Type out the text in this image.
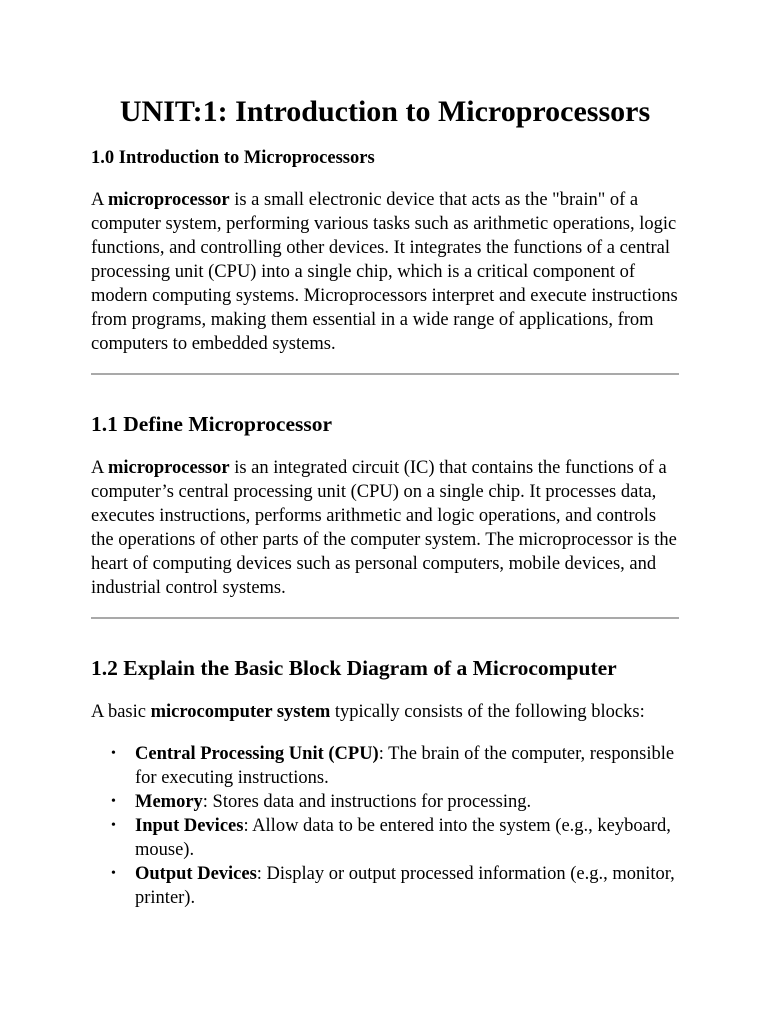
UNIT:1: Introduction to Microprocessors
1.0 Introduction to Microprocessors

A microprocessor is a small electronic device that acts as the "brain" of a computer system, performing various tasks such as arithmetic operations, logic functions, and controlling other devices. It integrates the functions of a central processing unit (CPU) into a single chip, which is a critical component of modern computing systems. Microprocessors interpret and execute instructions from programs, making them essential in a wide range of applications, from computers to embedded systems.

1.1 Define Microprocessor

A microprocessor is an integrated circuit (IC) that contains the functions of a computer’s central processing unit (CPU) on a single chip. It processes data, executes instructions, performs arithmetic and logic operations, and controls the operations of other parts of the computer system. The microprocessor is the heart of computing devices such as personal computers, mobile devices, and industrial control systems.

1.2 Explain the Basic Block Diagram of a Microcomputer

A basic microcomputer system typically consists of the following blocks:

• Central Processing Unit (CPU): The brain of the computer, responsible for executing instructions.
• Memory: Stores data and instructions for processing.
• Input Devices: Allow data to be entered into the system (e.g., keyboard, mouse).
• Output Devices: Display or output processed information (e.g., monitor, printer).
